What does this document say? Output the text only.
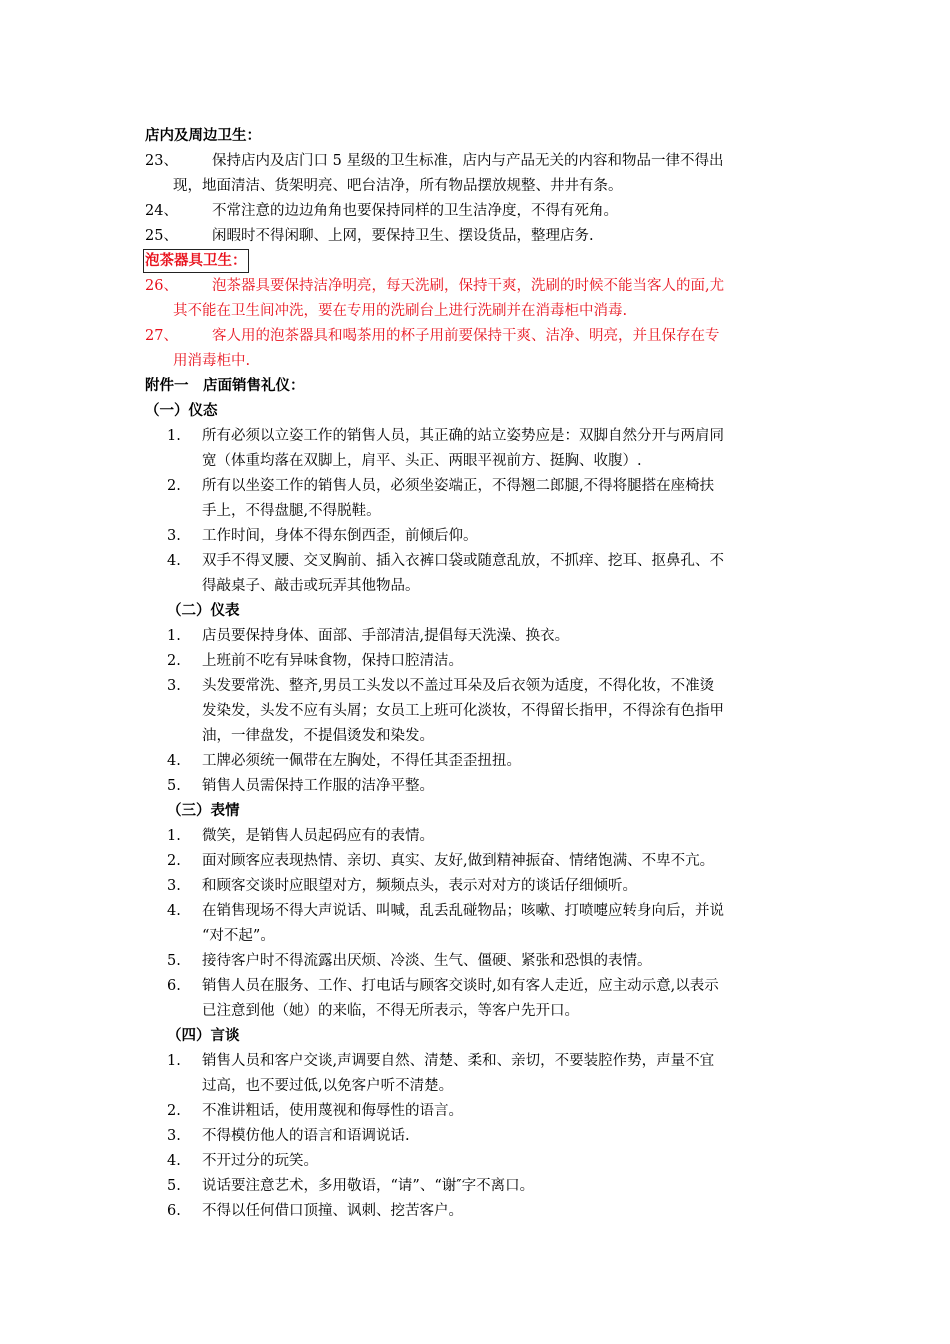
店内及周边卫生：
23、 保持店内及店门口 5 星级的卫生标准，店内与产品无关的内容和物品一律不得出
现，地面清洁、货架明亮、吧台洁净，所有物品摆放规整、井井有条。
24、 不常注意的边边角角也要保持同样的卫生洁净度，不得有死角。
25、 闲暇时不得闲聊、上网，要保持卫生、摆设货品，整理店务.
泡茶器具卫生：
26、 泡茶器具要保持洁净明亮，每天洗刷，保持干爽，洗刷的时候不能当客人的面,尤
其不能在卫生间冲洗，要在专用的洗刷台上进行洗刷并在消毒柜中消毒.
27、 客人用的泡茶器具和喝茶用的杯子用前要保持干爽、洁净、明亮，并且保存在专
用消毒柜中.
附件一　店面销售礼仪：
（一）仪态
1. 所有必须以立姿工作的销售人员，其正确的站立姿势应是：双脚自然分开与两肩同
宽（体重均落在双脚上，肩平、头正、两眼平视前方、挺胸、收腹）.
2. 所有以坐姿工作的销售人员，必须坐姿端正，不得翘二郎腿,不得将腿搭在座椅扶
手上，不得盘腿,不得脱鞋。
3. 工作时间，身体不得东倒西歪，前倾后仰。
4. 双手不得叉腰、交叉胸前、插入衣裤口袋或随意乱放，不抓痒、挖耳、抠鼻孔、不
得敲桌子、敲击或玩弄其他物品。
（二）仪表
1. 店员要保持身体、面部、手部清洁,提倡每天洗澡、换衣。
2. 上班前不吃有异味食物，保持口腔清洁。
3. 头发要常洗、整齐,男员工头发以不盖过耳朵及后衣领为适度，不得化妆，不准烫
发染发，头发不应有头屑；女员工上班可化淡妆，不得留长指甲，不得涂有色指甲
油，一律盘发，不提倡烫发和染发。
4. 工牌必须统一佩带在左胸处，不得任其歪歪扭扭。
5. 销售人员需保持工作服的洁净平整。
（三）表情
1. 微笑，是销售人员起码应有的表情。
2. 面对顾客应表现热情、亲切、真实、友好,做到精神振奋、情绪饱满、不卑不亢。
3. 和顾客交谈时应眼望对方，频频点头，表示对对方的谈话仔细倾听。
4. 在销售现场不得大声说话、叫喊，乱丢乱碰物品；咳嗽、打喷嚏应转身向后，并说
“对不起”。
5. 接待客户时不得流露出厌烦、冷淡、生气、僵硬、紧张和恐惧的表情。
6. 销售人员在服务、工作、打电话与顾客交谈时,如有客人走近，应主动示意,以表示
已注意到他（她）的来临，不得无所表示，等客户先开口。
（四）言谈
1. 销售人员和客户交谈,声调要自然、清楚、柔和、亲切，不要装腔作势，声量不宜
过高，也不要过低,以免客户听不清楚。
2. 不准讲粗话，使用蔑视和侮辱性的语言。
3. 不得模仿他人的语言和语调说话.
4. 不开过分的玩笑。
5. 说话要注意艺术，多用敬语，“请”、“谢″字不离口。
6. 不得以任何借口顶撞、讽刺、挖苦客户。
